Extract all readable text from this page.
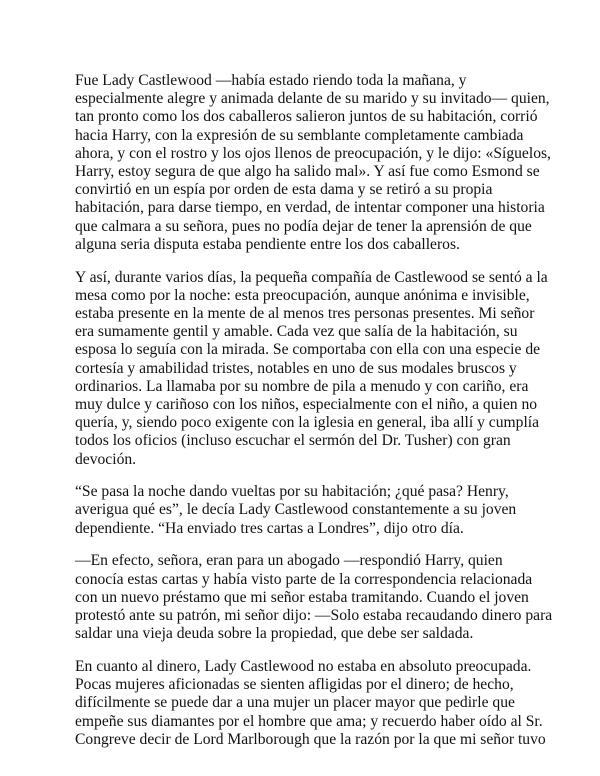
Fue Lady Castlewood —había estado riendo toda la mañana, y especialmente alegre y animada delante de su marido y su invitado— quien, tan pronto como los dos caballeros salieron juntos de su habitación, corrió hacia Harry, con la expresión de su semblante completamente cambiada ahora, y con el rostro y los ojos llenos de preocupación, y le dijo: «Síguelos, Harry, estoy segura de que algo ha salido mal». Y así fue como Esmond se convirtió en un espía por orden de esta dama y se retiró a su propia habitación, para darse tiempo, en verdad, de intentar componer una historia que calmara a su señora, pues no podía dejar de tener la aprensión de que alguna seria disputa estaba pendiente entre los dos caballeros.

Y así, durante varios días, la pequeña compañía de Castlewood se sentó a la mesa como por la noche: esta preocupación, aunque anónima e invisible, estaba presente en la mente de al menos tres personas presentes. Mi señor era sumamente gentil y amable. Cada vez que salía de la habitación, su esposa lo seguía con la mirada. Se comportaba con ella con una especie de cortesía y amabilidad tristes, notables en uno de sus modales bruscos y ordinarios. La llamaba por su nombre de pila a menudo y con cariño, era muy dulce y cariñoso con los niños, especialmente con el niño, a quien no quería, y, siendo poco exigente con la iglesia en general, iba allí y cumplía todos los oficios (incluso escuchar el sermón del Dr. Tusher) con gran devoción.

“Se pasa la noche dando vueltas por su habitación; ¿qué pasa? Henry, averigua qué es”, le decía Lady Castlewood constantemente a su joven dependiente. “Ha enviado tres cartas a Londres”, dijo otro día.

—En efecto, señora, eran para un abogado —respondió Harry, quien conocía estas cartas y había visto parte de la correspondencia relacionada con un nuevo préstamo que mi señor estaba tramitando. Cuando el joven protestó ante su patrón, mi señor dijo: —Solo estaba recaudando dinero para saldar una vieja deuda sobre la propiedad, que debe ser saldada.

En cuanto al dinero, Lady Castlewood no estaba en absoluto preocupada. Pocas mujeres aficionadas se sienten afligidas por el dinero; de hecho, difícilmente se puede dar a una mujer un placer mayor que pedirle que empeñe sus diamantes por el hombre que ama; y recuerdo haber oído al Sr. Congreve decir de Lord Marlborough que la razón por la que mi señor tuvo
